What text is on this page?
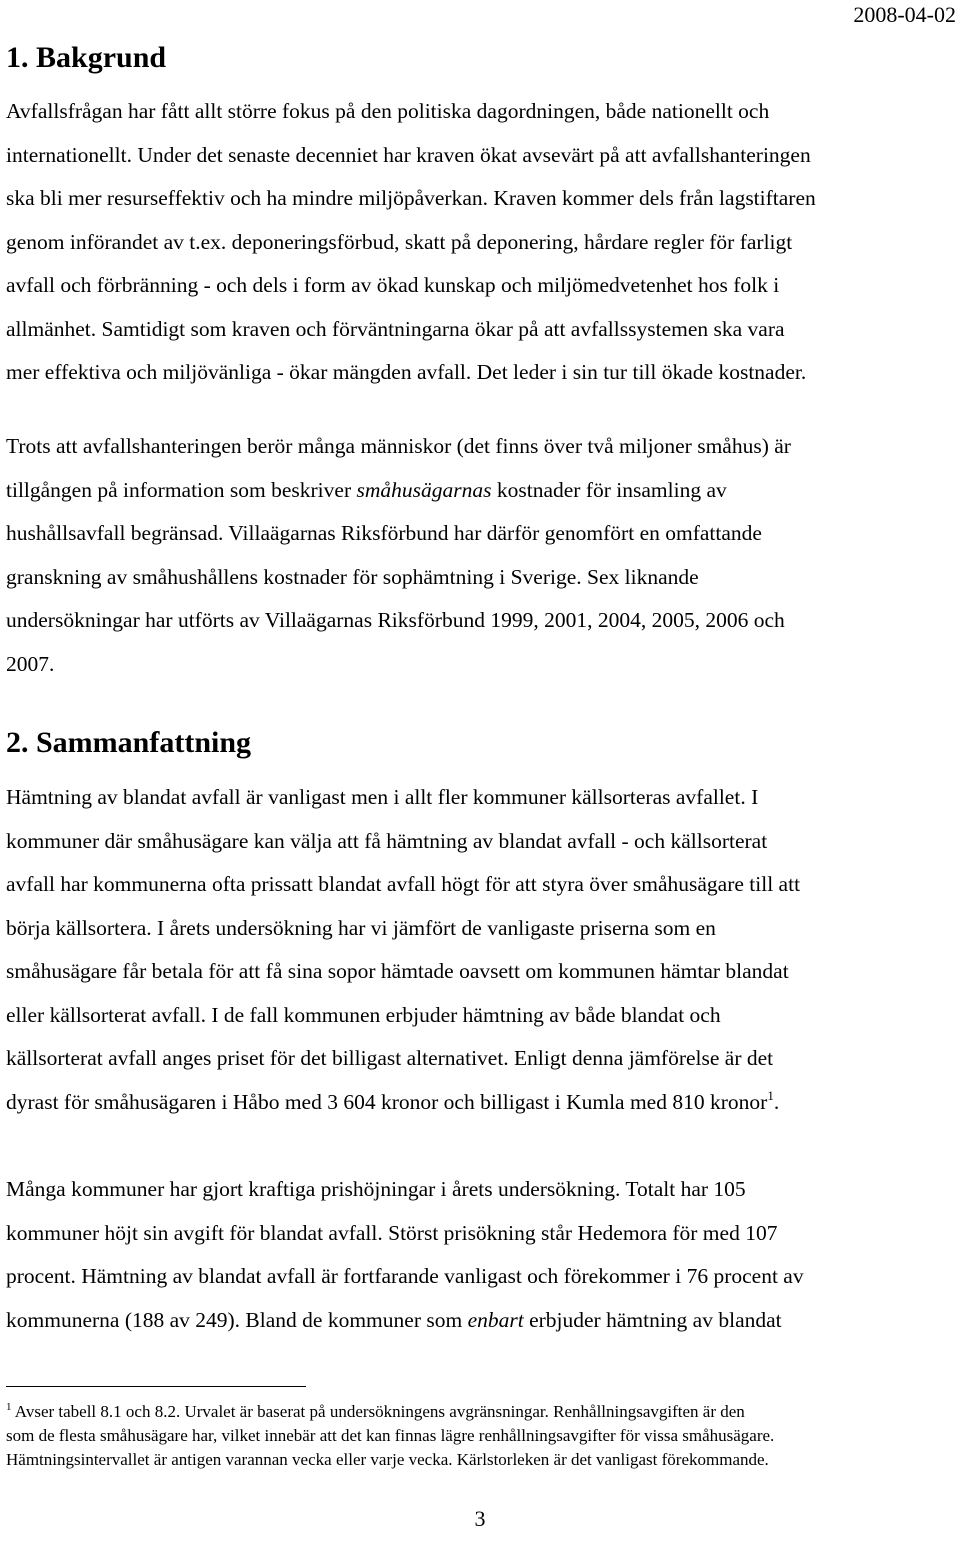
2008-04-02
1. Bakgrund

Avfallsfrågan har fått allt större fokus på den politiska dagordningen, både nationellt och
internationellt. Under det senaste decenniet har kraven ökat avsevärt på att avfallshanteringen
ska bli mer resurseffektiv och ha mindre miljöpåverkan. Kraven kommer dels från lagstiftaren
genom införandet av t.ex. deponeringsförbud, skatt på deponering, hårdare regler för farligt
avfall och förbränning - och dels i form av ökad kunskap och miljömedvetenhet hos folk i
allmänhet. Samtidigt som kraven och förväntningarna ökar på att avfallssystemen ska vara
mer effektiva och miljövänliga - ökar mängden avfall. Det leder i sin tur till ökade kostnader.

Trots att avfallshanteringen berör många människor (det finns över två miljoner småhus) är
tillgången på information som beskriver småhusägarnas kostnader för insamling av
hushållsavfall begränsad. Villaägarnas Riksförbund har därför genomfört en omfattande
granskning av småhushållens kostnader för sophämtning i Sverige. Sex liknande
undersökningar har utförts av Villaägarnas Riksförbund 1999, 2001, 2004, 2005, 2006 och
2007.

2. Sammanfattning

Hämtning av blandat avfall är vanligast men i allt fler kommuner källsorteras avfallet. I
kommuner där småhusägare kan välja att få hämtning av blandat avfall - och källsorterat
avfall har kommunerna ofta prissatt blandat avfall högt för att styra över småhusägare till att
börja källsortera. I årets undersökning har vi jämfört de vanligaste priserna som en
småhusägare får betala för att få sina sopor hämtade oavsett om kommunen hämtar blandat
eller källsorterat avfall. I de fall kommunen erbjuder hämtning av både blandat och
källsorterat avfall anges priset för det billigast alternativet. Enligt denna jämförelse är det
dyrast för småhusägaren i Håbo med 3 604 kronor och billigast i Kumla med 810 kronor$^1$.

Många kommuner har gjort kraftiga prishöjningar i årets undersökning. Totalt har 105
kommuner höjt sin avgift för blandat avfall. Störst prisökning står Hedemora för med 107
procent. Hämtning av blandat avfall är fortfarande vanligast och förekommer i 76 procent av
kommunerna (188 av 249). Bland de kommuner som enbart erbjuder hämtning av blandat

$^1$ Avser tabell 8.1 och 8.2. Urvalet är baserat på undersökningens avgränsningar. Renhållningsavgiften är den
som de flesta småhusägare har, vilket innebär att det kan finnas lägre renhållningsavgifter för vissa småhusägare.
Hämtningsintervallet är antigen varannan vecka eller varje vecka. Kärlstorleken är det vanligast förekommande.
3
